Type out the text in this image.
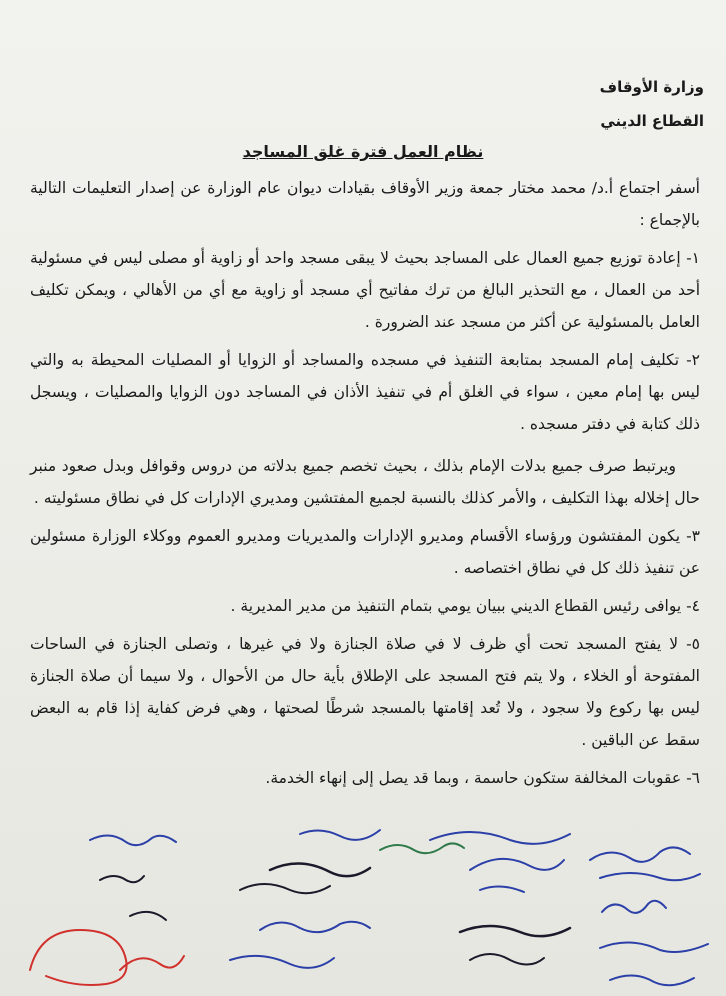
وزارة الأوقاف
القطاع الديني
نظام العمل فترة غلق المساجد

أسفر اجتماع أ.د/ محمد مختار جمعة وزير الأوقاف بقيادات ديوان عام الوزارة عن إصدار التعليمات التالية بالإجماع :

١- إعادة توزيع جميع العمال على المساجد بحيث لا يبقى مسجد واحد أو زاوية أو مصلى ليس في مسئولية أحد من العمال ، مع التحذير البالغ من ترك مفاتيح أي مسجد أو زاوية مع أي من الأهالي ، ويمكن تكليف العامل بالمسئولية عن أكثر من مسجد عند الضرورة .

٢- تكليف إمام المسجد بمتابعة التنفيذ في مسجده والمساجد أو الزوايا أو المصليات المحيطة به والتي ليس بها إمام معين ، سواء في الغلق أم في تنفيذ الأذان في المساجد دون الزوايا والمصليات ، ويسجل ذلك كتابة في دفتر مسجده .

ويرتبط صرف جميع بدلات الإمام بذلك ، بحيث تخصم جميع بدلاته من دروس وقوافل وبدل صعود منبر حال إخلاله بهذا التكليف ، والأمر كذلك بالنسبة لجميع المفتشين ومديري الإدارات كل في نطاق مسئوليته .

٣- يكون المفتشون ورؤساء الأقسام ومديرو الإدارات والمديريات ومديرو العموم ووكلاء الوزارة مسئولين عن تنفيذ ذلك كل في نطاق اختصاصه .

٤- يوافى رئيس القطاع الديني ببيان يومي بتمام التنفيذ من مدير المديرية .

٥- لا يفتح المسجد تحت أي ظرف لا في صلاة الجنازة ولا في غيرها ، وتصلى الجنازة في الساحات المفتوحة أو الخلاء ، ولا يتم فتح المسجد على الإطلاق بأية حال من الأحوال ، ولا سيما أن صلاة الجنازة ليس بها ركوع ولا سجود ، ولا تُعد إقامتها بالمسجد شرطًا لصحتها ، وهي فرض كفاية إذا قام به البعض سقط عن الباقين .

٦- عقوبات المخالفة ستكون حاسمة ، وبما قد يصل إلى إنهاء الخدمة.
